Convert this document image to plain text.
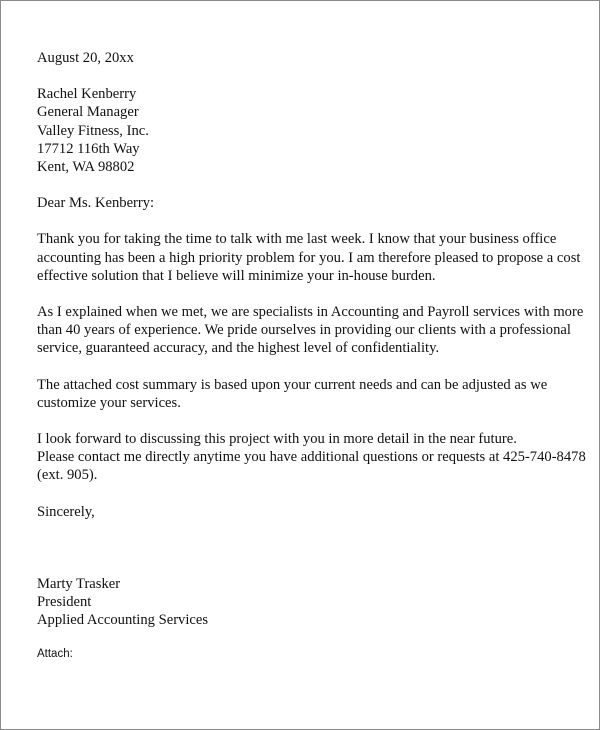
August 20, 20xx
Rachel Kenberry
General Manager
Valley Fitness, Inc.
17712 116th Way
Kent, WA 98802
Dear Ms. Kenberry:
Thank you for taking the time to talk with me last week. I know that your business office
accounting has been a high priority problem for you. I am therefore pleased to propose a cost
effective solution that I believe will minimize your in-house burden.
As I explained when we met, we are specialists in Accounting and Payroll services with more
than 40 years of experience. We pride ourselves in providing our clients with a professional
service, guaranteed accuracy, and the highest level of confidentiality.
The attached cost summary is based upon your current needs and can be adjusted as we
customize your services.
I look forward to discussing this project with you in more detail in the near future.
Please contact me directly anytime you have additional questions or requests at 425-740-8478
(ext. 905).
Sincerely,
Marty Trasker
President
Applied Accounting Services
Attach:
